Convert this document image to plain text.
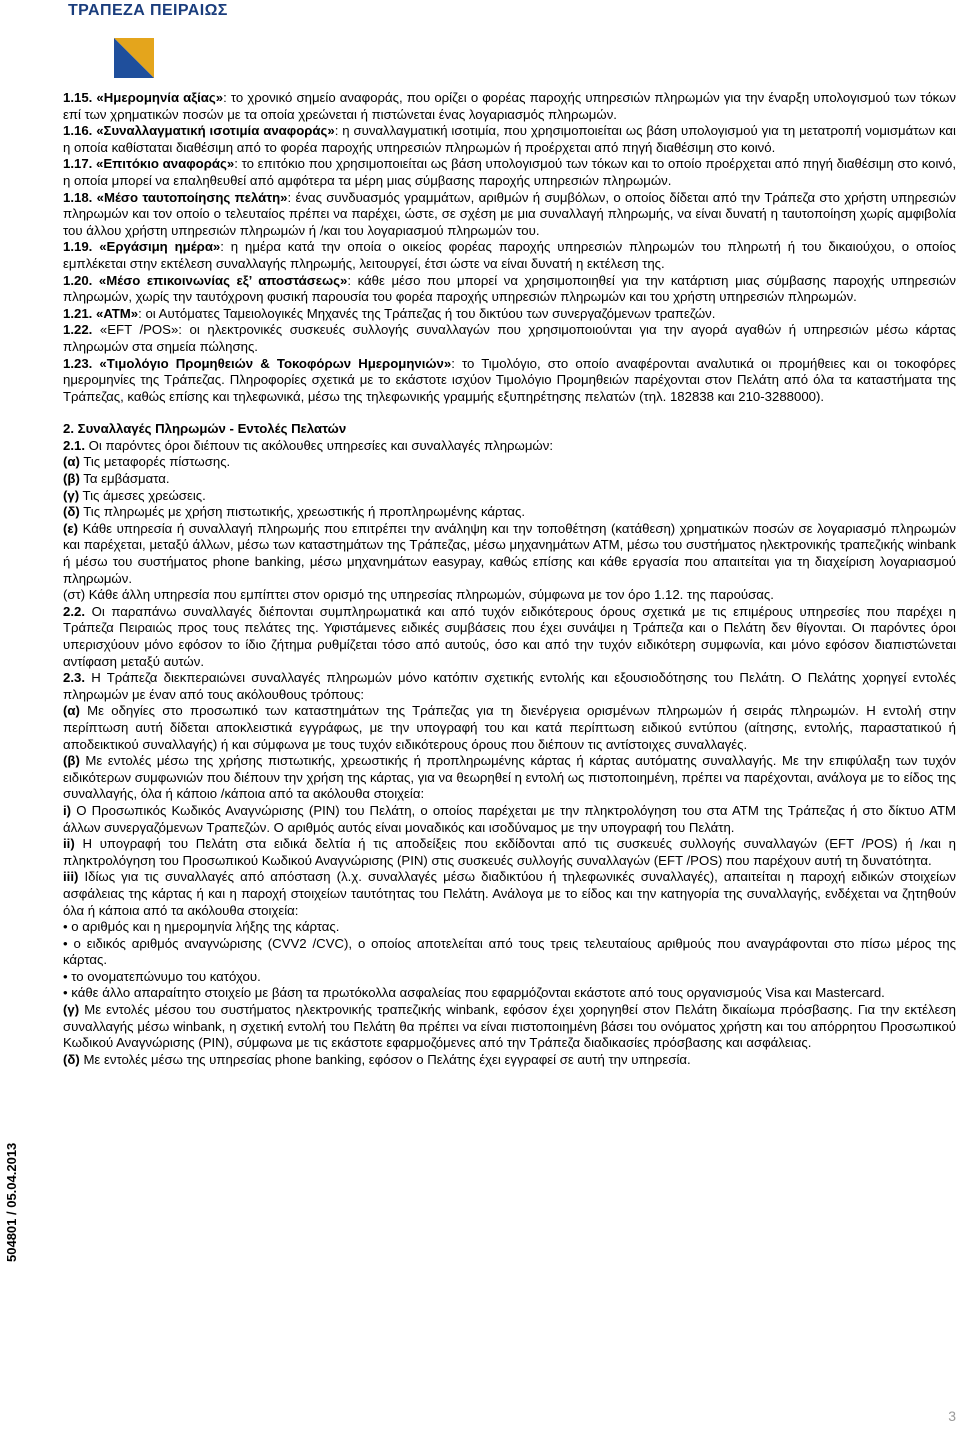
ΤΡΑΠΕΖΑ ΠΕΙΡΑΙΩΣ

1.15. «Ημερομηνία αξίας»: το χρονικό σημείο αναφοράς, που ορίζει ο φορέας παροχής υπηρεσιών πληρωμών για την έναρξη υπολογισμού των τόκων επί των χρηματικών ποσών με τα οποία χρεώνεται ή πιστώνεται ένας λογαριασμός πληρωμών.

1.16. «Συναλλαγματική ισοτιμία αναφοράς»: η συναλλαγματική ισοτιμία, που χρησιμοποιείται ως βάση υπολογισμού για τη μετατροπή νομισμάτων και η οποία καθίσταται διαθέσιμη από το φορέα παροχής υπηρεσιών πληρωμών ή προέρχεται από πηγή διαθέσιμη στο κοινό.

1.17. «Επιτόκιο αναφοράς»: το επιτόκιο που χρησιμοποιείται ως βάση υπολογισμού των τόκων και το οποίο προέρχεται από πηγή διαθέσιμη στο κοινό, η οποία μπορεί να επαληθευθεί από αμφότερα τα μέρη μιας σύμβασης παροχής υπηρεσιών πληρωμών.

1.18. «Μέσο ταυτοποίησης πελάτη»: ένας συνδυασμός γραμμάτων, αριθμών ή συμβόλων, ο οποίος δίδεται από την Τράπεζα στο χρήστη υπηρεσιών πληρωμών και τον οποίο ο τελευταίος πρέπει να παρέχει, ώστε, σε σχέση με μια συναλλαγή πληρωμής, να είναι δυνατή η ταυτοποίηση χωρίς αμφιβολία του άλλου χρήστη υπηρεσιών πληρωμών ή /και του λογαριασμού πληρωμών του.

1.19. «Εργάσιμη ημέρα»: η ημέρα κατά την οποία ο οικείος φορέας παροχής υπηρεσιών πληρωμών του πληρωτή ή του δικαιούχου, ο οποίος εμπλέκεται στην εκτέλεση συναλλαγής πληρωμής, λειτουργεί, έτσι ώστε να είναι δυνατή η εκτέλεση της.

1.20. «Μέσο επικοινωνίας εξ’ αποστάσεως»: κάθε μέσο που μπορεί να χρησιμοποιηθεί για την κατάρτιση μιας σύμβασης παροχής υπηρεσιών πληρωμών, χωρίς την ταυτόχρονη φυσική παρουσία του φορέα παροχής υπηρεσιών πληρωμών και του χρήστη υπηρεσιών πληρωμών.

1.21. «ΑΤΜ»: οι Αυτόματες Ταμειολογικές Μηχανές της Τράπεζας ή του δικτύου των συνεργαζόμενων τραπεζών.

1.22. «EFT /POS»: οι ηλεκτρονικές συσκευές συλλογής συναλλαγών που χρησιμοποιούνται για την αγορά αγαθών ή υπηρεσιών μέσω κάρτας πληρωμών στα σημεία πώλησης.

1.23. «Τιμολόγιο Προμηθειών & Τοκοφόρων Ημερομηνιών»: το Τιμολόγιο, στο οποίο αναφέρονται αναλυτικά οι προμήθειες και οι τοκοφόρες ημερομηνίες της Τράπεζας. Πληροφορίες σχετικά με το εκάστοτε ισχύον Τιμολόγιο Προμηθειών παρέχονται στον Πελάτη από όλα τα καταστήματα της Τράπεζας, καθώς επίσης και τηλεφωνικά, μέσω της τηλεφωνικής γραμμής εξυπηρέτησης πελατών (τηλ. 182838 και 210-3288000).

2. Συναλλαγές Πληρωμών - Εντολές Πελατών

2.1. Οι παρόντες όροι διέπουν τις ακόλουθες υπηρεσίες και συναλλαγές πληρωμών:

(α) Τις μεταφορές πίστωσης.

(β) Τα εμβάσματα.

(γ) Τις άμεσες χρεώσεις.

(δ) Τις πληρωμές με χρήση πιστωτικής, χρεωστικής ή προπληρωμένης κάρτας.

(ε) Κάθε υπηρεσία ή συναλλαγή πληρωμής που επιτρέπει την ανάληψη και την τοποθέτηση (κατάθεση) χρηματικών ποσών σε λογαριασμό πληρωμών και παρέχεται, μεταξύ άλλων, μέσω των καταστημάτων της Τράπεζας, μέσω μηχανημάτων ΑΤΜ, μέσω του συστήματος ηλεκτρονικής τραπεζικής winbank ή μέσω του συστήματος phone banking, μέσω μηχανημάτων easypay, καθώς επίσης και κάθε εργασία που απαιτείται για τη διαχείριση λογαριασμού πληρωμών.

(στ) Κάθε άλλη υπηρεσία που εμπίπτει στον ορισμό της υπηρεσίας πληρωμών, σύμφωνα με τον όρο 1.12. της παρούσας.

2.2. Οι παραπάνω συναλλαγές διέπονται συμπληρωματικά και από τυχόν ειδικότερους όρους σχετικά με τις επιμέρους υπηρεσίες που παρέχει η Τράπεζα Πειραιώς προς τους πελάτες της. Υφιστάμενες ειδικές συμβάσεις που έχει συνάψει η Τράπεζα και ο Πελάτη δεν θίγονται. Οι παρόντες όροι υπερισχύουν μόνο εφόσον το ίδιο ζήτημα ρυθμίζεται τόσο από αυτούς, όσο και από την τυχόν ειδικότερη συμφωνία, και μόνο εφόσον διαπιστώνεται αντίφαση μεταξύ αυτών.

2.3. Η Τράπεζα διεκπεραιώνει συναλλαγές πληρωμών μόνο κατόπιν σχετικής εντολής και εξουσιοδότησης του Πελάτη. Ο Πελάτης χορηγεί εντολές πληρωμών με έναν από τους ακόλουθους τρόπους:

(α) Με οδηγίες στο προσωπικό των καταστημάτων της Τράπεζας για τη διενέργεια ορισμένων πληρωμών ή σειράς πληρωμών. Η εντολή στην περίπτωση αυτή δίδεται αποκλειστικά εγγράφως, με την υπογραφή του και κατά περίπτωση ειδικού εντύπου (αίτησης, εντολής, παραστατικού ή αποδεικτικού συναλλαγής) ή και σύμφωνα με τους τυχόν ειδικότερους όρους που διέπουν τις αντίστοιχες συναλλαγές.

(β) Με εντολές μέσω της χρήσης πιστωτικής, χρεωστικής ή προπληρωμένης κάρτας ή κάρτας αυτόματης συναλλαγής. Με την επιφύλαξη των τυχόν ειδικότερων συμφωνιών που διέπουν την χρήση της κάρτας, για να θεωρηθεί η εντολή ως πιστοποιημένη, πρέπει να παρέχονται, ανάλογα με το είδος της συναλλαγής, όλα ή κάποιο /κάποια από τα ακόλουθα στοιχεία:

i) Ο Προσωπικός Κωδικός Αναγνώρισης (PIN) του Πελάτη, ο οποίος παρέχεται με την πληκτρολόγηση του στα ΑΤΜ της Τράπεζας ή στο δίκτυο ΑΤΜ άλλων συνεργαζόμενων Τραπεζών. Ο αριθμός αυτός είναι μοναδικός και ισοδύναμος με την υπογραφή του Πελάτη.

ii) Η υπογραφή του Πελάτη στα ειδικά δελτία ή τις αποδείξεις που εκδίδονται από τις συσκευές συλλογής συναλλαγών (EFT /POS) ή /και η πληκτρολόγηση του Προσωπικού Κωδικού Αναγνώρισης (PIN) στις συσκευές συλλογής συναλλαγών (EFT /POS) που παρέχουν αυτή τη δυνατότητα.

iii) Ιδίως για τις συναλλαγές από απόσταση (λ.χ. συναλλαγές μέσω διαδικτύου ή τηλεφωνικές συναλλαγές), απαιτείται η παροχή ειδικών στοιχείων ασφάλειας της κάρτας ή και η παροχή στοιχείων ταυτότητας του Πελάτη. Ανάλογα με το είδος και την κατηγορία της συναλλαγής, ενδέχεται να ζητηθούν όλα ή κάποια από τα ακόλουθα στοιχεία:

• ο αριθμός και η ημερομηνία λήξης της κάρτας.

• ο ειδικός αριθμός αναγνώρισης (CVV2 /CVC), ο οποίος αποτελείται από τους τρεις τελευταίους αριθμούς που αναγράφονται στο πίσω μέρος της κάρτας.

• το ονοματεπώνυμο του κατόχου.

• κάθε άλλο απαραίτητο στοιχείο με βάση τα πρωτόκολλα ασφαλείας που εφαρμόζονται εκάστοτε από τους οργανισμούς Visa και Mastercard.

(γ) Με εντολές μέσου του συστήματος ηλεκτρονικής τραπεζικής winbank, εφόσον έχει χορηγηθεί στον Πελάτη δικαίωμα πρόσβασης. Για την εκτέλεση συναλλαγής μέσω winbank, η σχετική εντολή του Πελάτη θα πρέπει να είναι πιστοποιημένη βάσει του ονόματος χρήστη και του απόρρητου Προσωπικού Κωδικού Αναγνώρισης (PIN), σύμφωνα με τις εκάστοτε εφαρμοζόμενες από την Τράπεζα διαδικασίες πρόσβασης και ασφάλειας.

(δ) Με εντολές μέσω της υπηρεσίας phone banking, εφόσον ο Πελάτης έχει εγγραφεί σε αυτή την υπηρεσία.

504801 / 05.04.2013
3
